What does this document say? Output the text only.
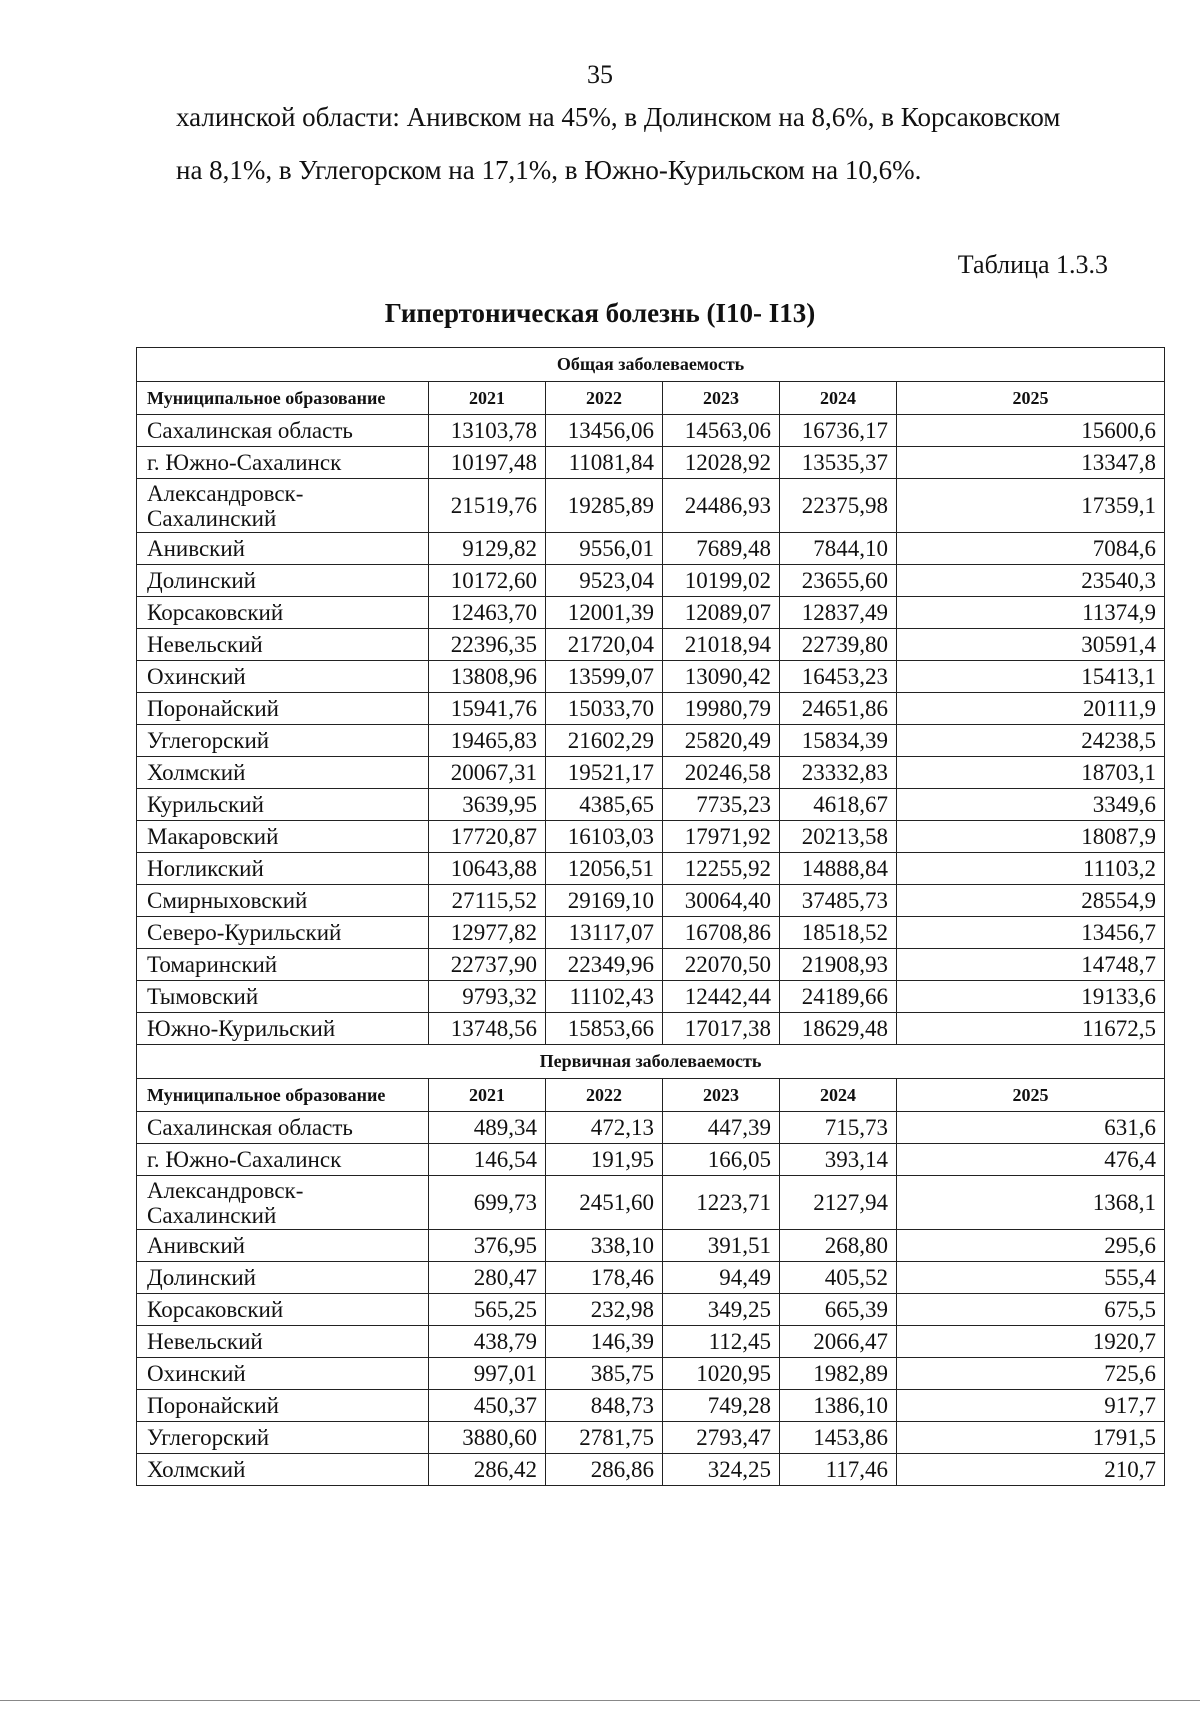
35
халинской области: Анивском на 45%, в Долинском на 8,6%, в Корсаковском
на 8,1%, в Углегорском на 17,1%, в Южно-Курильском на 10,6%.
Таблица 1.3.3
Гипертоническая болезнь (I10- I13)
Общая заболеваемость					
Муниципальное образование	2021	2022	2023	2024	2025
Сахалинская область	13103,78	13456,06	14563,06	16736,17	15600,6
г. Южно-Сахалинск	10197,48	11081,84	12028,92	13535,37	13347,8
Александровск-Сахалинский	21519,76	19285,89	24486,93	22375,98	17359,1
Анивский	9129,82	9556,01	7689,48	7844,10	7084,6
Долинский	10172,60	9523,04	10199,02	23655,60	23540,3
Корсаковский	12463,70	12001,39	12089,07	12837,49	11374,9
Невельский	22396,35	21720,04	21018,94	22739,80	30591,4
Охинский	13808,96	13599,07	13090,42	16453,23	15413,1
Поронайский	15941,76	15033,70	19980,79	24651,86	20111,9
Углегорский	19465,83	21602,29	25820,49	15834,39	24238,5
Холмский	20067,31	19521,17	20246,58	23332,83	18703,1
Курильский	3639,95	4385,65	7735,23	4618,67	3349,6
Макаровский	17720,87	16103,03	17971,92	20213,58	18087,9
Ногликский	10643,88	12056,51	12255,92	14888,84	11103,2
Смирныховский	27115,52	29169,10	30064,40	37485,73	28554,9
Северо-Курильский	12977,82	13117,07	16708,86	18518,52	13456,7
Томаринский	22737,90	22349,96	22070,50	21908,93	14748,7
Тымовский	9793,32	11102,43	12442,44	24189,66	19133,6
Южно-Курильский	13748,56	15853,66	17017,38	18629,48	11672,5
Первичная заболеваемость					
Муниципальное образование	2021	2022	2023	2024	2025
Сахалинская область	489,34	472,13	447,39	715,73	631,6
г. Южно-Сахалинск	146,54	191,95	166,05	393,14	476,4
Александровск-Сахалинский	699,73	2451,60	1223,71	2127,94	1368,1
Анивский	376,95	338,10	391,51	268,80	295,6
Долинский	280,47	178,46	94,49	405,52	555,4
Корсаковский	565,25	232,98	349,25	665,39	675,5
Невельский	438,79	146,39	112,45	2066,47	1920,7
Охинский	997,01	385,75	1020,95	1982,89	725,6
Поронайский	450,37	848,73	749,28	1386,10	917,7
Углегорский	3880,60	2781,75	2793,47	1453,86	1791,5
Холмский	286,42	286,86	324,25	117,46	210,7
